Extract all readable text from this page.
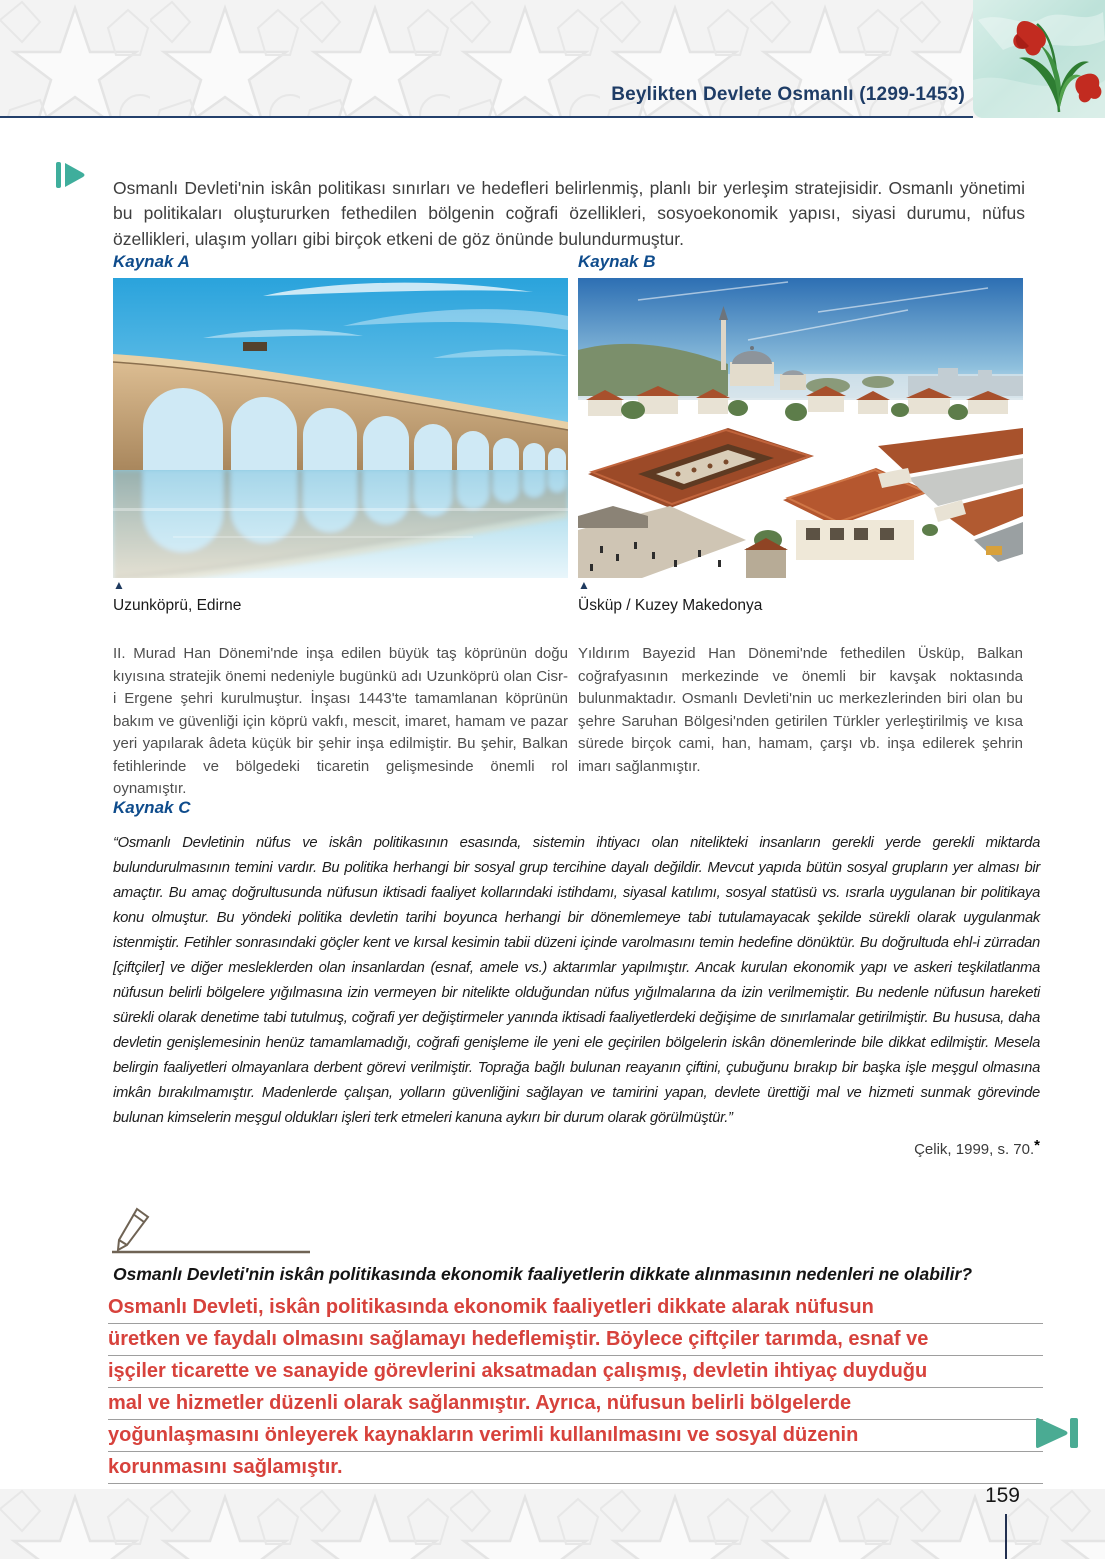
Beylikten Devlete Osmanlı (1299-1453)

Osmanlı Devleti'nin iskân politikası sınırları ve hedefleri belirlenmiş, planlı bir yerleşim stratejisidir. Osmanlı yönetimi bu politikaları oluştururken fethedilen bölgenin coğrafi özellikleri, sosyoekonomik yapısı, siyasi durumu, nüfus özellikleri, ulaşım yolları gibi birçok etkeni de göz önünde bulundurmuştur.

Kaynak A	Kaynak B
▲	▲
Uzunköprü, Edirne	Üsküp / Kuzey Makedonya

II. Murad Han Dönemi'nde inşa edilen büyük taş köprünün doğu kıyısına stratejik önemi nedeniyle bugünkü adı Uzunköprü olan Cisr-i Ergene şehri kurulmuştur. İnşası 1443'te tamamlanan köprünün bakım ve güvenliği için köprü vakfı, mescit, imaret, hamam ve pazar yeri yapılarak âdeta küçük bir şehir inşa edilmiştir. Bu şehir, Balkan fetihlerinde ve bölgedeki ticaretin gelişmesinde önemli rol oynamıştır.

Yıldırım Bayezid Han Dönemi'nde fethedilen Üsküp, Balkan coğrafyasının merkezinde ve önemli bir kavşak noktasında bulunmaktadır. Osmanlı Devleti'nin uc merkezlerinden biri olan bu şehre Saruhan Bölgesi'nden getirilen Türkler yerleştirilmiş ve kısa sürede birçok cami, han, hamam, çarşı vb. inşa edilerek şehrin imarı sağlanmıştır.

Kaynak C
“Osmanlı Devletinin nüfus ve iskân politikasının esasında, sistemin ihtiyacı olan nitelikteki insanların gerekli yerde gerekli miktarda bulundurulmasının temini vardır. Bu politika herhangi bir sosyal grup tercihine dayalı değildir. Mevcut yapıda bütün sosyal grupların yer alması bir amaçtır. Bu amaç doğrultusunda nüfusun iktisadi faaliyet kollarındaki istihdamı, siyasal katılımı, sosyal statüsü vs. ısrarla uygulanan bir politikaya konu olmuştur. Bu yöndeki politika devletin tarihi boyunca herhangi bir dönemlemeye tabi tutulamayacak şekilde sürekli olarak uygulanmak istenmiştir. Fetihler sonrasındaki göçler kent ve kırsal kesimin tabii düzeni içinde varolmasını temin hedefine dönüktür. Bu doğrultuda ehl-i zürradan [çiftçiler] ve diğer mesleklerden olan insanlardan (esnaf, amele vs.) aktarımlar yapılmıştır. Ancak kurulan ekonomik yapı ve askeri teşkilatlanma nüfusun belirli bölgelere yığılmasına izin vermeyen bir nitelikte olduğundan nüfus yığılmalarına da izin verilmemiştir. Bu nedenle nüfusun hareketi sürekli olarak denetime tabi tutulmuş, coğrafi yer değiştirmeler yanında iktisadi faaliyetlerdeki değişime de sınırlamalar getirilmiştir. Bu hususa, daha devletin genişlemesinin henüz tamamlamadığı, coğrafi genişleme ile yeni ele geçirilen bölgelerin iskân dönemlerinde bile dikkat edilmiştir. Mesela belirgin faaliyetleri olmayanlara derbent görevi verilmiştir. Toprağa bağlı bulunan reayanın çiftini, çubuğunu bırakıp bir başka işle meşgul olmasına imkân bırakılmamıştır. Madenlerde çalışan, yolların güvenliğini sağlayan ve tamirini yapan, devlete ürettiği mal ve hizmeti sunmak görevinde bulunan kimselerin meşgul oldukları işleri terk etmeleri kanuna aykırı bir durum olarak görülmüştür.”
Çelik, 1999, s. 70.*
Osmanlı Devleti'nin iskân politikasında ekonomik faaliyetlerin dikkate alınmasının nedenleri ne olabilir?
Osmanlı Devleti, iskân politikasında ekonomik faaliyetleri dikkate alarak nüfusun
üretken ve faydalı olmasını sağlamayı hedeflemiştir. Böylece çiftçiler tarımda, esnaf ve
işçiler ticarette ve sanayide görevlerini aksatmadan çalışmış, devletin ihtiyaç duyduğu
mal ve hizmetler düzenli olarak sağlanmıştır. Ayrıca, nüfusun belirli bölgelerde
yoğunlaşmasını önleyerek kaynakların verimli kullanılmasını ve sosyal düzenin
korunmasını sağlamıştır.
159
